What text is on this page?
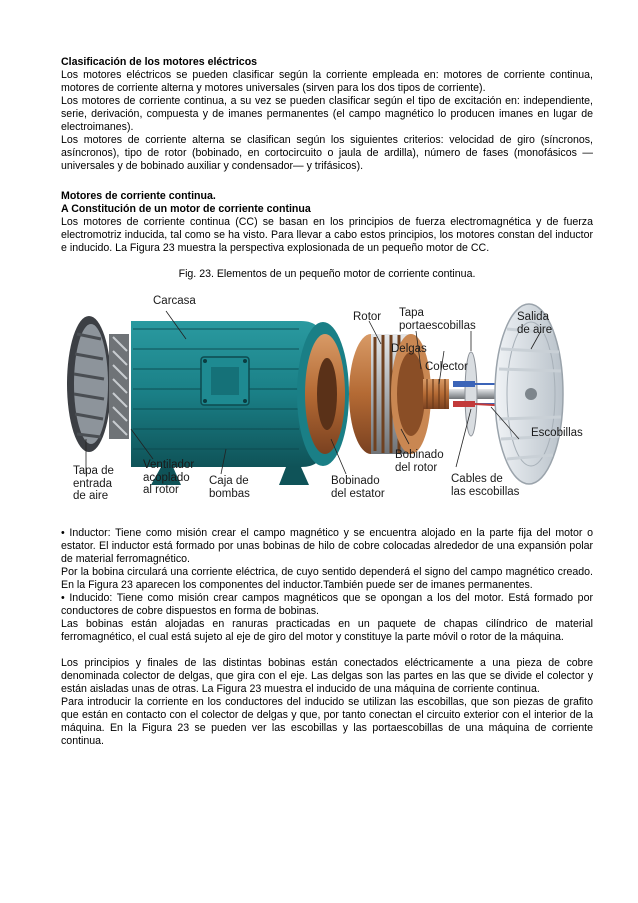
Clasificación de los motores eléctricos

Los motores eléctricos se pueden clasificar según la corriente empleada en: motores de corriente continua, motores de corriente alterna y motores universales (sirven para los dos tipos de corriente).

Los motores de corriente continua, a su vez se pueden clasificar según el tipo de excitación en: independiente, serie, derivación, compuesta y de imanes permanentes (el campo magnético lo producen imanes en lugar de electroimanes).

Los motores de corriente alterna se clasifican según los siguientes criterios: velocidad de giro (síncronos, asíncronos), tipo de rotor (bobinado, en cortocircuito o jaula de ardilla), número de fases (monofásicos —universales y de bobinado auxiliar y condensador— y trifásicos).

Motores de corriente continua.

A Constitución de un motor de corriente continua

Los motores de corriente continua (CC) se basan en los principios de fuerza electromagnética y de fuerza electromotriz inducida, tal como se ha visto. Para llevar a cabo estos principios, los motores constan del inductor e inducido. La Figura 23 muestra la perspectiva explosionada de un pequeño motor de CC.

Fig. 23. Elementos de un pequeño motor de corriente continua.

Carcasa
Rotor Tapa
portaescobillas
Salida
de aire
Delgas
Colector
Escobillas
Tapa de
entrada
de aire
Ventilador
acoplado
al rotor
Caja de
bombas
Bobinado
del estator
Bobinado
del rotor
Cables de
las escobillas

• Inductor: Tiene como misión crear el campo magnético y se encuentra alojado en la parte fija del motor o estator. El inductor está formado por unas bobinas de hilo de cobre colocadas alrededor de una expansión polar de material ferromagnético.

Por la bobina circulará una corriente eléctrica, de cuyo sentido dependerá el signo del campo magnético creado. En la Figura 23 aparecen los componentes del inductor.También puede ser de imanes permanentes.

• Inducido: Tiene como misión crear campos magnéticos que se opongan a los del motor. Está formado por conductores de cobre dispuestos en forma de bobinas.

Las bobinas están alojadas en ranuras practicadas en un paquete de chapas cilíndrico de material ferromagnético, el cual está sujeto al eje de giro del motor y constituye la parte móvil o rotor de la máquina.

Los principios y finales de las distintas bobinas están conectados eléctricamente a una pieza de cobre denominada colector de delgas, que gira con el eje. Las delgas son las partes en las que se divide el colector y están aisladas unas de otras. La Figura 23 muestra el inducido de una máquina de corriente continua.

Para introducir la corriente en los conductores del inducido se utilizan las escobillas, que son piezas de grafito que están en contacto con el colector de delgas y que, por tanto conectan el circuito exterior con el interior de la máquina. En la Figura 23 se pueden ver las escobillas y las portaescobillas de una máquina de corriente continua.
